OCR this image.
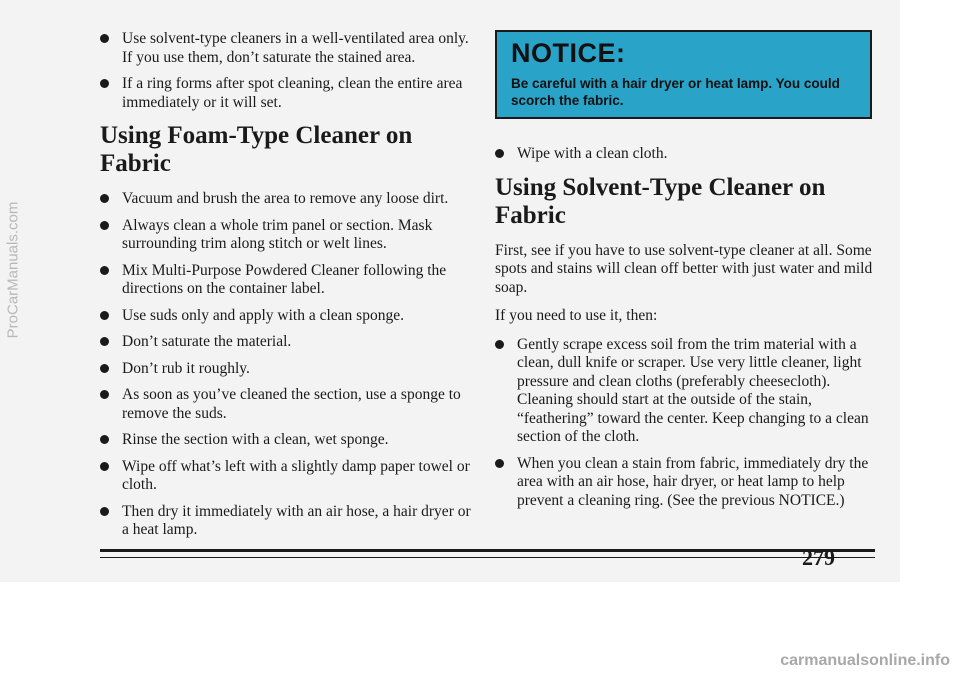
Use solvent-type cleaners in a well-ventilated area only. If you use them, don’t saturate the stained area.
If a ring forms after spot cleaning, clean the entire area immediately or it will set.
Using Foam-Type Cleaner on Fabric
Vacuum and brush the area to remove any loose dirt.
Always clean a whole trim panel or section. Mask surrounding trim along stitch or welt lines.
Mix Multi-Purpose Powdered Cleaner following the directions on the container label.
Use suds only and apply with a clean sponge.
Don’t saturate the material.
Don’t rub it roughly.
As soon as you’ve cleaned the section, use a sponge to remove the suds.
Rinse the section with a clean, wet sponge.
Wipe off what’s left with a slightly damp paper towel or cloth.
Then dry it immediately with an air hose, a hair dryer or a heat lamp.
NOTICE:
Be careful with a hair dryer or heat lamp. You could scorch the fabric.
Wipe with a clean cloth.
Using Solvent-Type Cleaner on Fabric

First, see if you have to use solvent-type cleaner at all. Some spots and stains will clean off better with just water and mild soap.

If you need to use it, then:

Gently scrape excess soil from the trim material with a clean, dull knife or scraper. Use very little cleaner, light pressure and clean cloths (preferably cheesecloth). Cleaning should start at the outside of the stain, “feathering” toward the center. Keep changing to a clean section of the cloth.
When you clean a stain from fabric, immediately dry the area with an air hose, hair dryer, or heat lamp to help prevent a cleaning ring. (See the previous NOTICE.)
279
ProCarManuals.com
carmanualsonline.info
